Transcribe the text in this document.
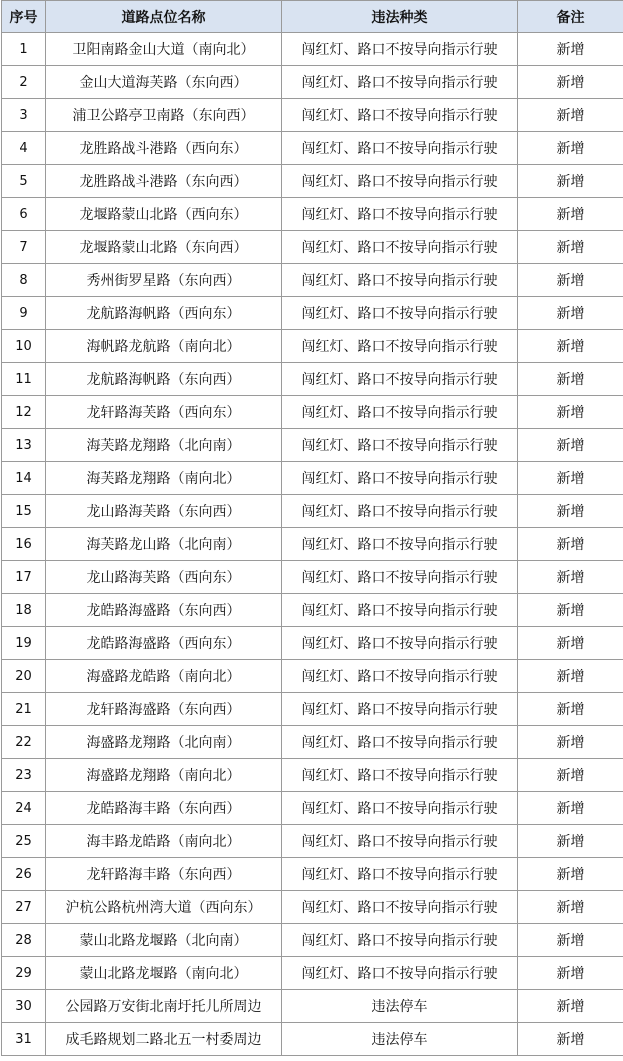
序号	道路点位名称	违法种类	备注
1	卫阳南路金山大道（南向北）	闯红灯、路口不按导向指示行驶	新增
2	金山大道海芙路（东向西）	闯红灯、路口不按导向指示行驶	新增
3	浦卫公路亭卫南路（东向西）	闯红灯、路口不按导向指示行驶	新增
4	龙胜路战斗港路（西向东）	闯红灯、路口不按导向指示行驶	新增
5	龙胜路战斗港路（东向西）	闯红灯、路口不按导向指示行驶	新增
6	龙堰路蒙山北路（西向东）	闯红灯、路口不按导向指示行驶	新增
7	龙堰路蒙山北路（东向西）	闯红灯、路口不按导向指示行驶	新增
8	秀州街罗星路（东向西）	闯红灯、路口不按导向指示行驶	新增
9	龙航路海帆路（西向东）	闯红灯、路口不按导向指示行驶	新增
10	海帆路龙航路（南向北）	闯红灯、路口不按导向指示行驶	新增
11	龙航路海帆路（东向西）	闯红灯、路口不按导向指示行驶	新增
12	龙轩路海芙路（西向东）	闯红灯、路口不按导向指示行驶	新增
13	海芙路龙翔路（北向南）	闯红灯、路口不按导向指示行驶	新增
14	海芙路龙翔路（南向北）	闯红灯、路口不按导向指示行驶	新增
15	龙山路海芙路（东向西）	闯红灯、路口不按导向指示行驶	新增
16	海芙路龙山路（北向南）	闯红灯、路口不按导向指示行驶	新增
17	龙山路海芙路（西向东）	闯红灯、路口不按导向指示行驶	新增
18	龙皓路海盛路（东向西）	闯红灯、路口不按导向指示行驶	新增
19	龙皓路海盛路（西向东）	闯红灯、路口不按导向指示行驶	新增
20	海盛路龙皓路（南向北）	闯红灯、路口不按导向指示行驶	新增
21	龙轩路海盛路（东向西）	闯红灯、路口不按导向指示行驶	新增
22	海盛路龙翔路（北向南）	闯红灯、路口不按导向指示行驶	新增
23	海盛路龙翔路（南向北）	闯红灯、路口不按导向指示行驶	新增
24	龙皓路海丰路（东向西）	闯红灯、路口不按导向指示行驶	新增
25	海丰路龙皓路（南向北）	闯红灯、路口不按导向指示行驶	新增
26	龙轩路海丰路（东向西）	闯红灯、路口不按导向指示行驶	新增
27	沪杭公路杭州湾大道（西向东）	闯红灯、路口不按导向指示行驶	新增
28	蒙山北路龙堰路（北向南）	闯红灯、路口不按导向指示行驶	新增
29	蒙山北路龙堰路（南向北）	闯红灯、路口不按导向指示行驶	新增
30	公园路万安街北南圩托儿所周边	违法停车	新增
31	成毛路规划二路北五一村委周边	违法停车	新增
